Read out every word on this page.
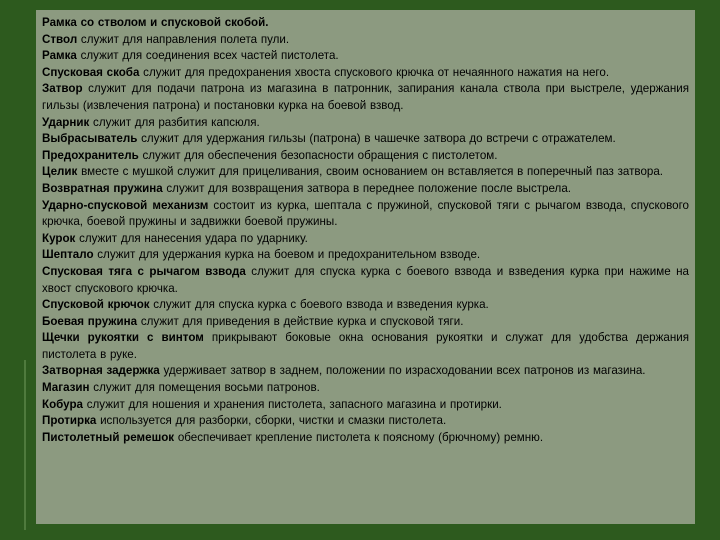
Рамка со стволом и спусковой скобой.

Ствол служит для направления полета пули.

Рамка служит для соединения всех частей пистолета.

Спусковая скоба служит для предохранения хвоста спускового крючка от нечаянного нажатия на него.

Затвор служит для подачи патрона из магазина в патронник, запирания канала ствола при выстреле, удержания гильзы (извлечения патрона) и постановки курка на боевой взвод.

Ударник служит для разбития капсюля.

Выбрасыватель служит для удержания гильзы (патрона) в чашечке затвора до встречи с отражателем.

Предохранитель служит для обеспечения безопасности обращения с пистолетом.

Целик вместе с мушкой служит для прицеливания, своим основанием он вставляется в поперечный паз затвора.

Возвратная пружина служит для возвращения затвора в переднее положение после выстрела.

Ударно-спусковой механизм состоит из курка, шептала с пружиной, спусковой тяги с рычагом взвода, спускового крючка, боевой пружины и задвижки боевой пружины.

Курок служит для нанесения удара по ударнику.

Шептало служит для удержания курка на боевом и предохранительном взводе.

Спусковая тяга с рычагом взвода служит для спуска курка с боевого взвода и взведения курка при нажиме на хвост спускового крючка.

Спусковой крючок служит для спуска курка с боевого взвода и взведения курка.

Боевая пружина служит для приведения в действие курка и спусковой тяги.

Щечки рукоятки с винтом прикрывают боковые окна основания рукоятки и служат для удобства держания пистолета в руке.

Затворная задержка удерживает затвор в заднем, положении по израсходовании всех патронов из магазина.

Магазин служит для помещения восьми патронов.

Кобура служит для ношения и хранения пистолета, запасного магазина и протирки.

Протирка используется для разборки, сборки, чистки и смазки пистолета.

Пистолетный ремешок обеспечивает крепление пистолета к поясному (брючному) ремню.
